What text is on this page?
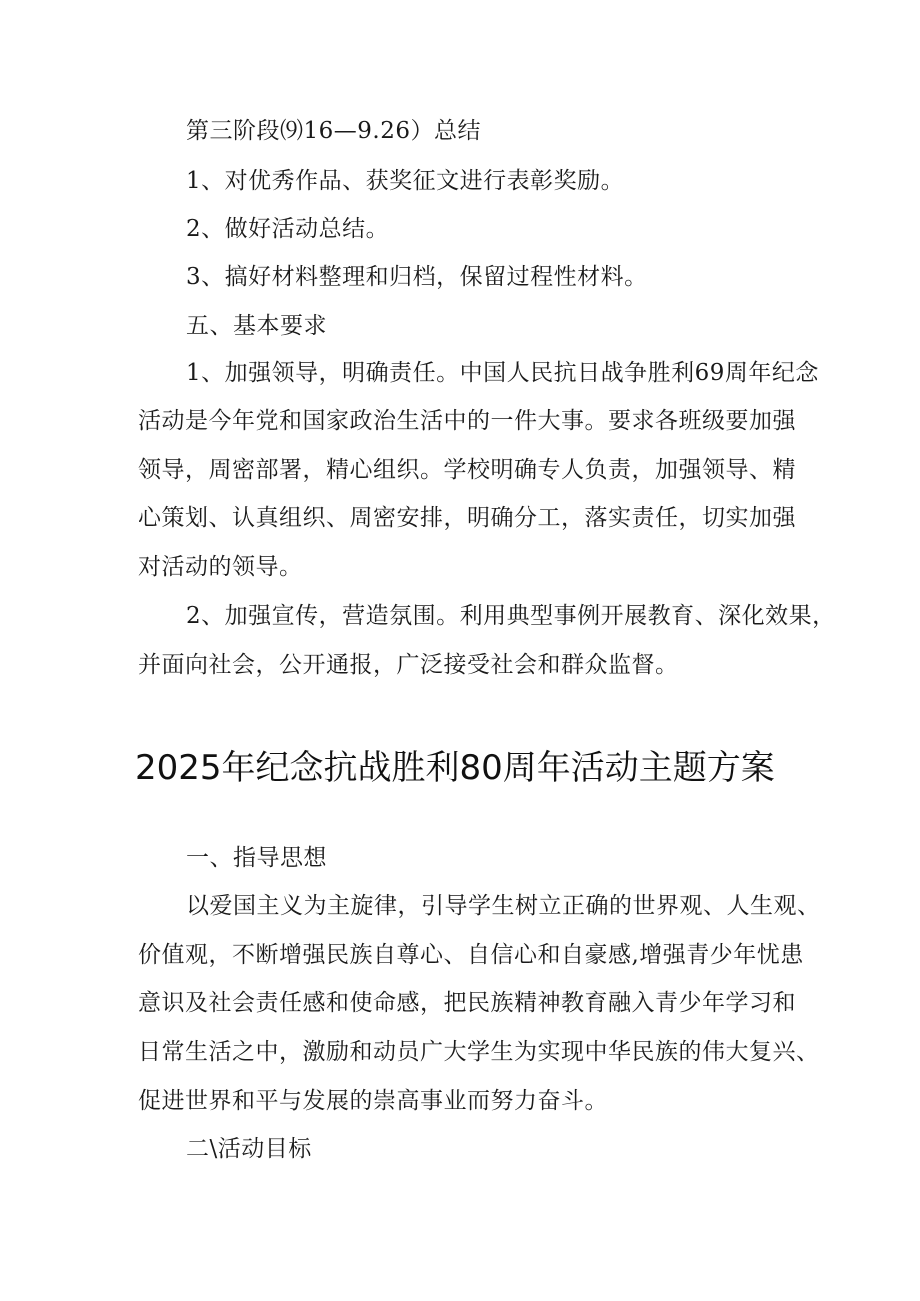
第三阶段⑼16—9.26）总结
1、对优秀作品、获奖征文进行表彰奖励。
2、做好活动总结。
3、搞好材料整理和归档，保留过程性材料。
五、基本要求
1、加强领导，明确责任。中国人民抗日战争胜利69周年纪念
活动是今年党和国家政治生活中的一件大事。要求各班级要加强
领导，周密部署，精心组织。学校明确专人负责，加强领导、精
心策划、认真组织、周密安排，明确分工，落实责任，切实加强
对活动的领导。
2、加强宣传，营造氛围。利用典型事例开展教育、深化效果，
并面向社会，公开通报，广泛接受社会和群众监督。
2025年纪念抗战胜利80周年活动主题方案
一、指导思想
以爱国主义为主旋律，引导学生树立正确的世界观、人生观、
价值观，不断增强民族自尊心、自信心和自豪感,增强青少年忧患
意识及社会责任感和使命感，把民族精神教育融入青少年学习和
日常生活之中，激励和动员广大学生为实现中华民族的伟大复兴、
促进世界和平与发展的崇高事业而努力奋斗。
二\活动目标
